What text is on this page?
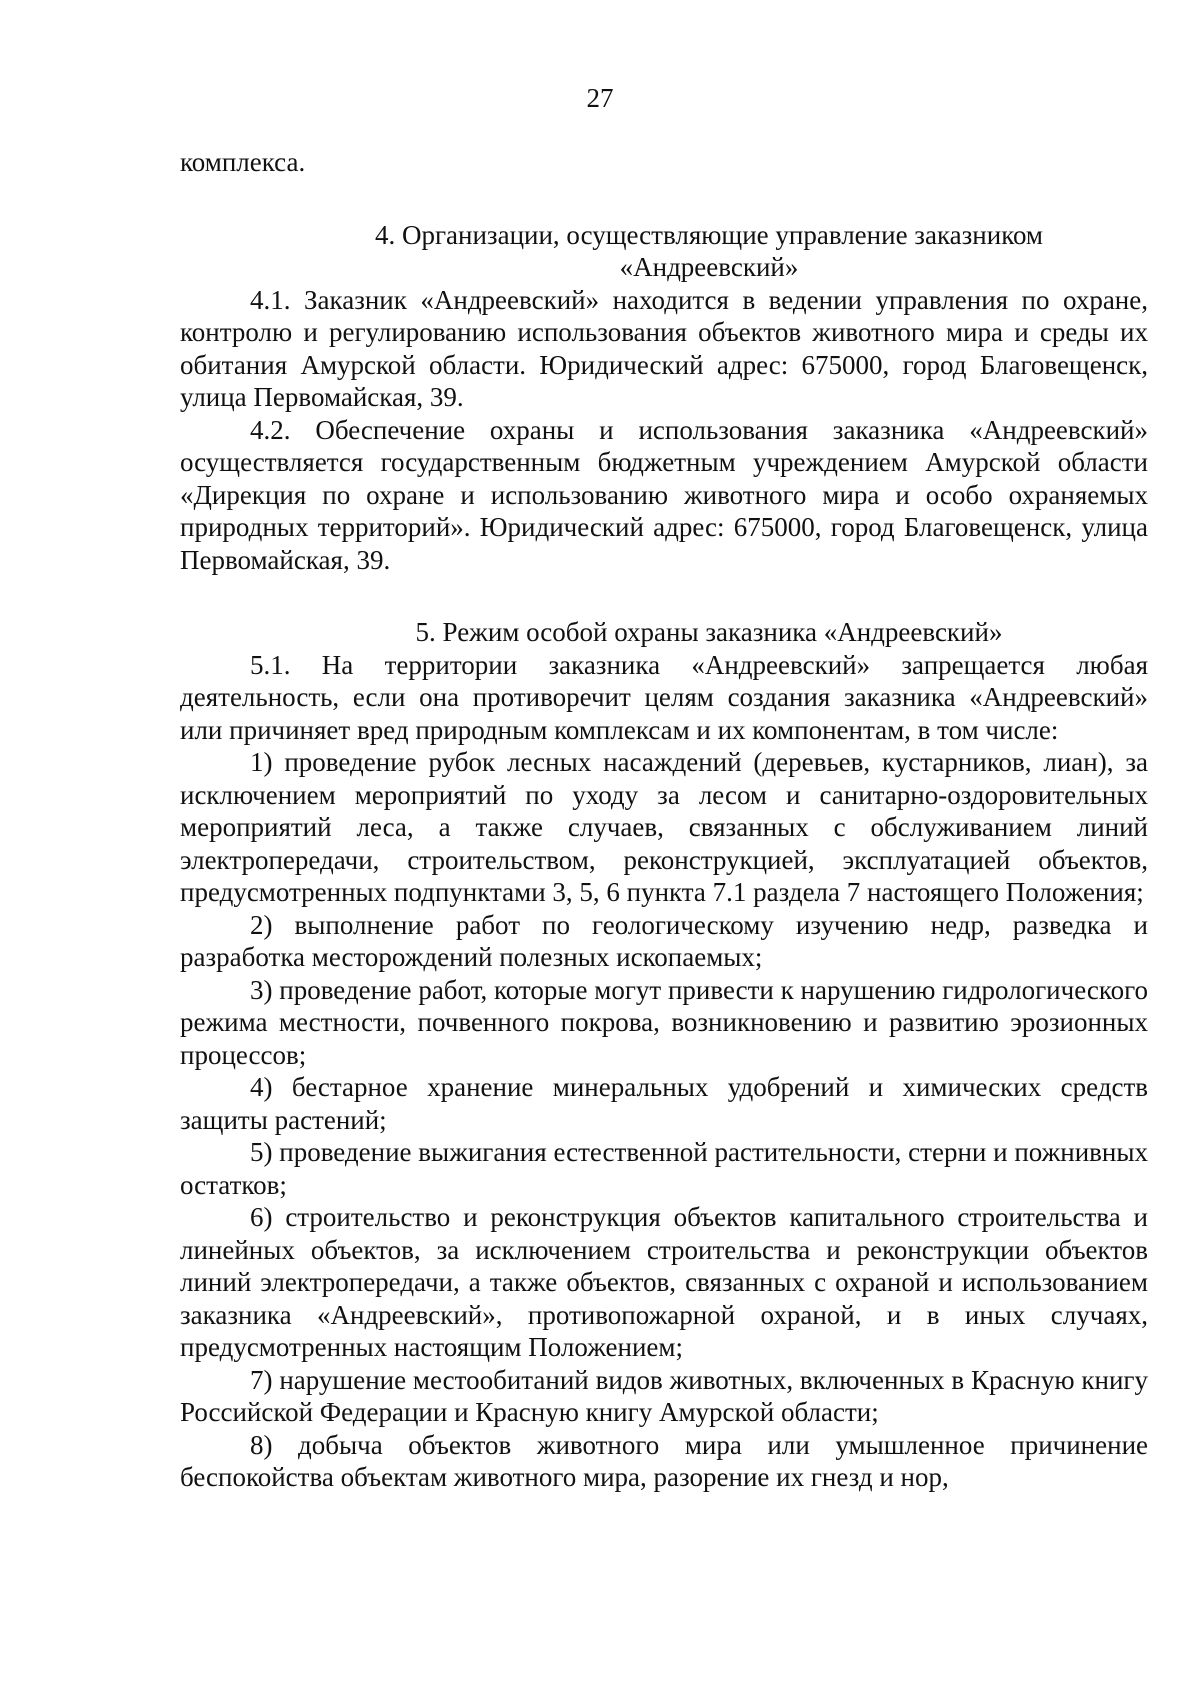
27

комплекса.

4. Организации, осуществляющие управление заказником
«Андреевский»

4.1. Заказник «Андреевский» находится в ведении управления по охране, контролю и регулированию использования объектов животного мира и среды их обитания Амурской области. Юридический адрес: 675000, город Благовещенск, улица Первомайская, 39.

4.2. Обеспечение охраны и использования заказника «Андреевский» осуществляется государственным бюджетным учреждением Амурской области «Дирекция по охране и использованию животного мира и особо охраняемых природных территорий». Юридический адрес: 675000, город Благовещенск, улица Первомайская, 39.

5. Режим особой охраны заказника «Андреевский»

5.1. На территории заказника «Андреевский» запрещается любая деятельность, если она противоречит целям создания заказника «Андреевский» или причиняет вред природным комплексам и их компонентам, в том числе:

1) проведение рубок лесных насаждений (деревьев, кустарников, лиан), за исключением мероприятий по уходу за лесом и санитарно-оздоровительных мероприятий леса, а также случаев, связанных с обслуживанием линий электропередачи, строительством, реконструкцией, эксплуатацией объектов, предусмотренных подпунктами 3, 5, 6 пункта 7.1 раздела 7 настоящего Положения;

2) выполнение работ по геологическому изучению недр, разведка и разработка месторождений полезных ископаемых;

3) проведение работ, которые могут привести к нарушению гидрологического режима местности, почвенного покрова, возникновению и развитию эрозионных процессов;

4) бестарное хранение минеральных удобрений и химических средств защиты растений;

5) проведение выжигания естественной растительности, стерни и пожнивных остатков;

6) строительство и реконструкция объектов капитального строительства и линейных объектов, за исключением строительства и реконструкции объектов линий электропередачи, а также объектов, связанных с охраной и использованием заказника «Андреевский», противопожарной охраной, и в иных случаях, предусмотренных настоящим Положением;

7) нарушение местообитаний видов животных, включенных в Красную книгу Российской Федерации и Красную книгу Амурской области;

8) добыча объектов животного мира или умышленное причинение беспокойства объектам животного мира, разорение их гнезд и нор,
